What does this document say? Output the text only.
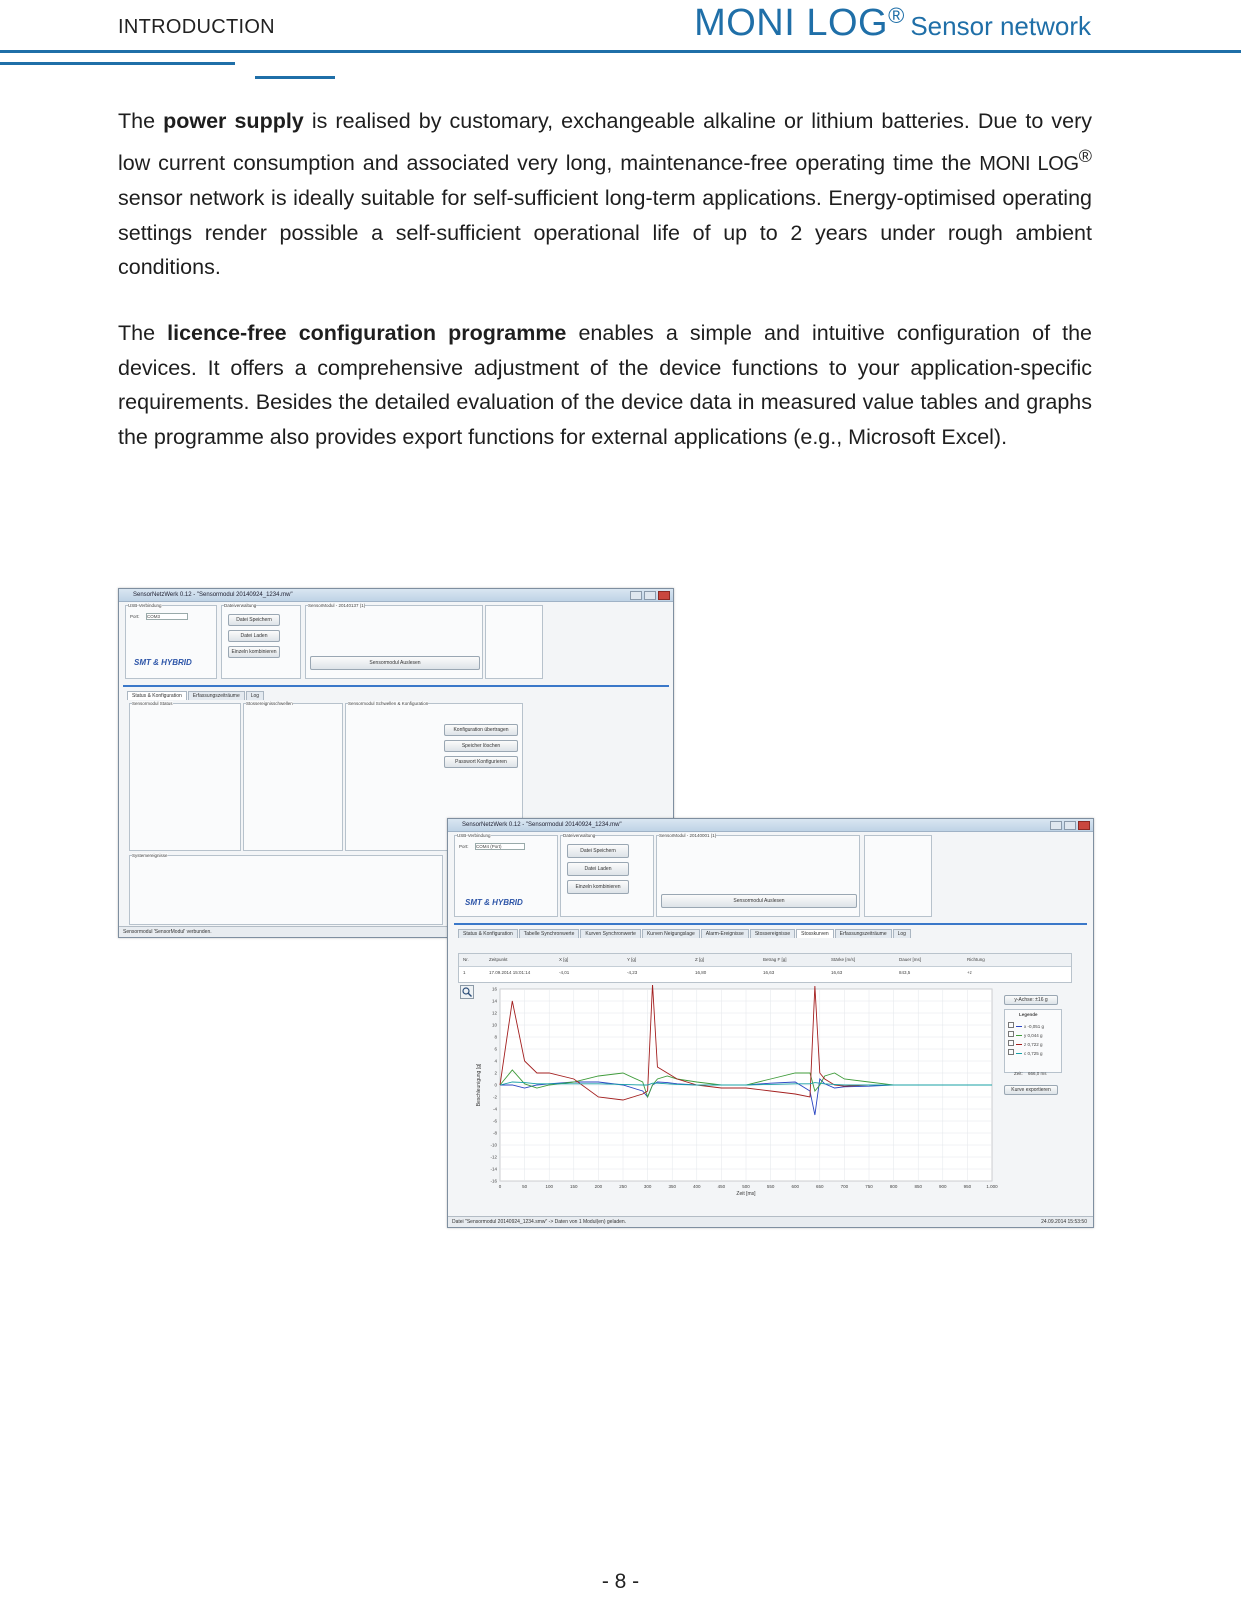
INTRODUCTION	MONI LOG® Sensor network
The power supply is realised by customary, exchangeable alkaline or lithium batteries. Due to very low current consumption and associated very long, maintenance-free operating time the MONI LOG® sensor network is ideally suitable for self-sufficient long-term applications. Energy-optimised operating settings render possible a self-sufficient operational life of up to 2 years under rough ambient conditions.
The licence-free configuration programme enables a simple and intuitive configuration of the devices. It offers a comprehensive adjustment of the device functions to your application-specific requirements. Besides the detailed evaluation of the device data in measured value tables and graphs the programme also provides export functions for external applications (e.g., Microsoft Excel).
SensorNetzWerk 0.12 - "Sensormodul 20140924_1234.mw"
USB-Verbindung
Port: COM3
SMT & HYBRID
Dateiverwaltung
Datei Speichern
Datei Laden
Einzeln kombinieren
SensorModul - 20140137 (1)
Sensormodul Auslesen
Status & Konfiguration Erfassungszeiträume Log
Sensormodul Status	Stossereignisschwellen	Sensormodul Schwellen & Konfiguration
Konfiguration übertragen
Speicher löschen
Passwort Konfigurieren
Systemereignisse
Sensormodul 'SensorModul' verbunden.
SensorNetzWerk 0.12 - "Sensormodul 20140924_1234.mw"
USB-Verbindung
Port: COM4 (Port)
SMT & HYBRID
Dateiverwaltung
Datei Speichern
Datei Laden
Einzeln kombinieren
SensorModul - 20140001 (1)
Sensormodul Auslesen
Status & Konfiguration Tabelle Synchronwerte Kurven Synchronwerte Kurven Neigungslage Alarm-Ereignisse Stossereignisse Stosskurven Erfassungszeiträume Log
Nr.	Zeitpunkt	X [g]	Y [g]	Z [g]	Betrag F [g]	Stärke [m/s]	Dauer [ms]	Richtung
1	17.09.2014 15:01:14	-4,01	-4,23	16,80	16,63	16,63	843,5	+z
16
14
12
10
8
6
4
2
0
-2
-4
-6
-8
-10
-12
-14
-16
0	50	100	150	200	250	300	350	400	450	500	550	600	650	700	750	800	850	900	950	1.000
Zeit [ms]
Beschleunigung [g]
y-Achse: ±16 g
Legende
x -0,051 g
y 0,044 g
z 0,722 g
c 0,725 g
Zeit: 666,0 ms
Kurve exportieren
Datei "Sensormodul 20140924_1234.smw" -> Daten von 1 Modul(en) geladen.	24.09.2014 15:53:50
- 8 -
